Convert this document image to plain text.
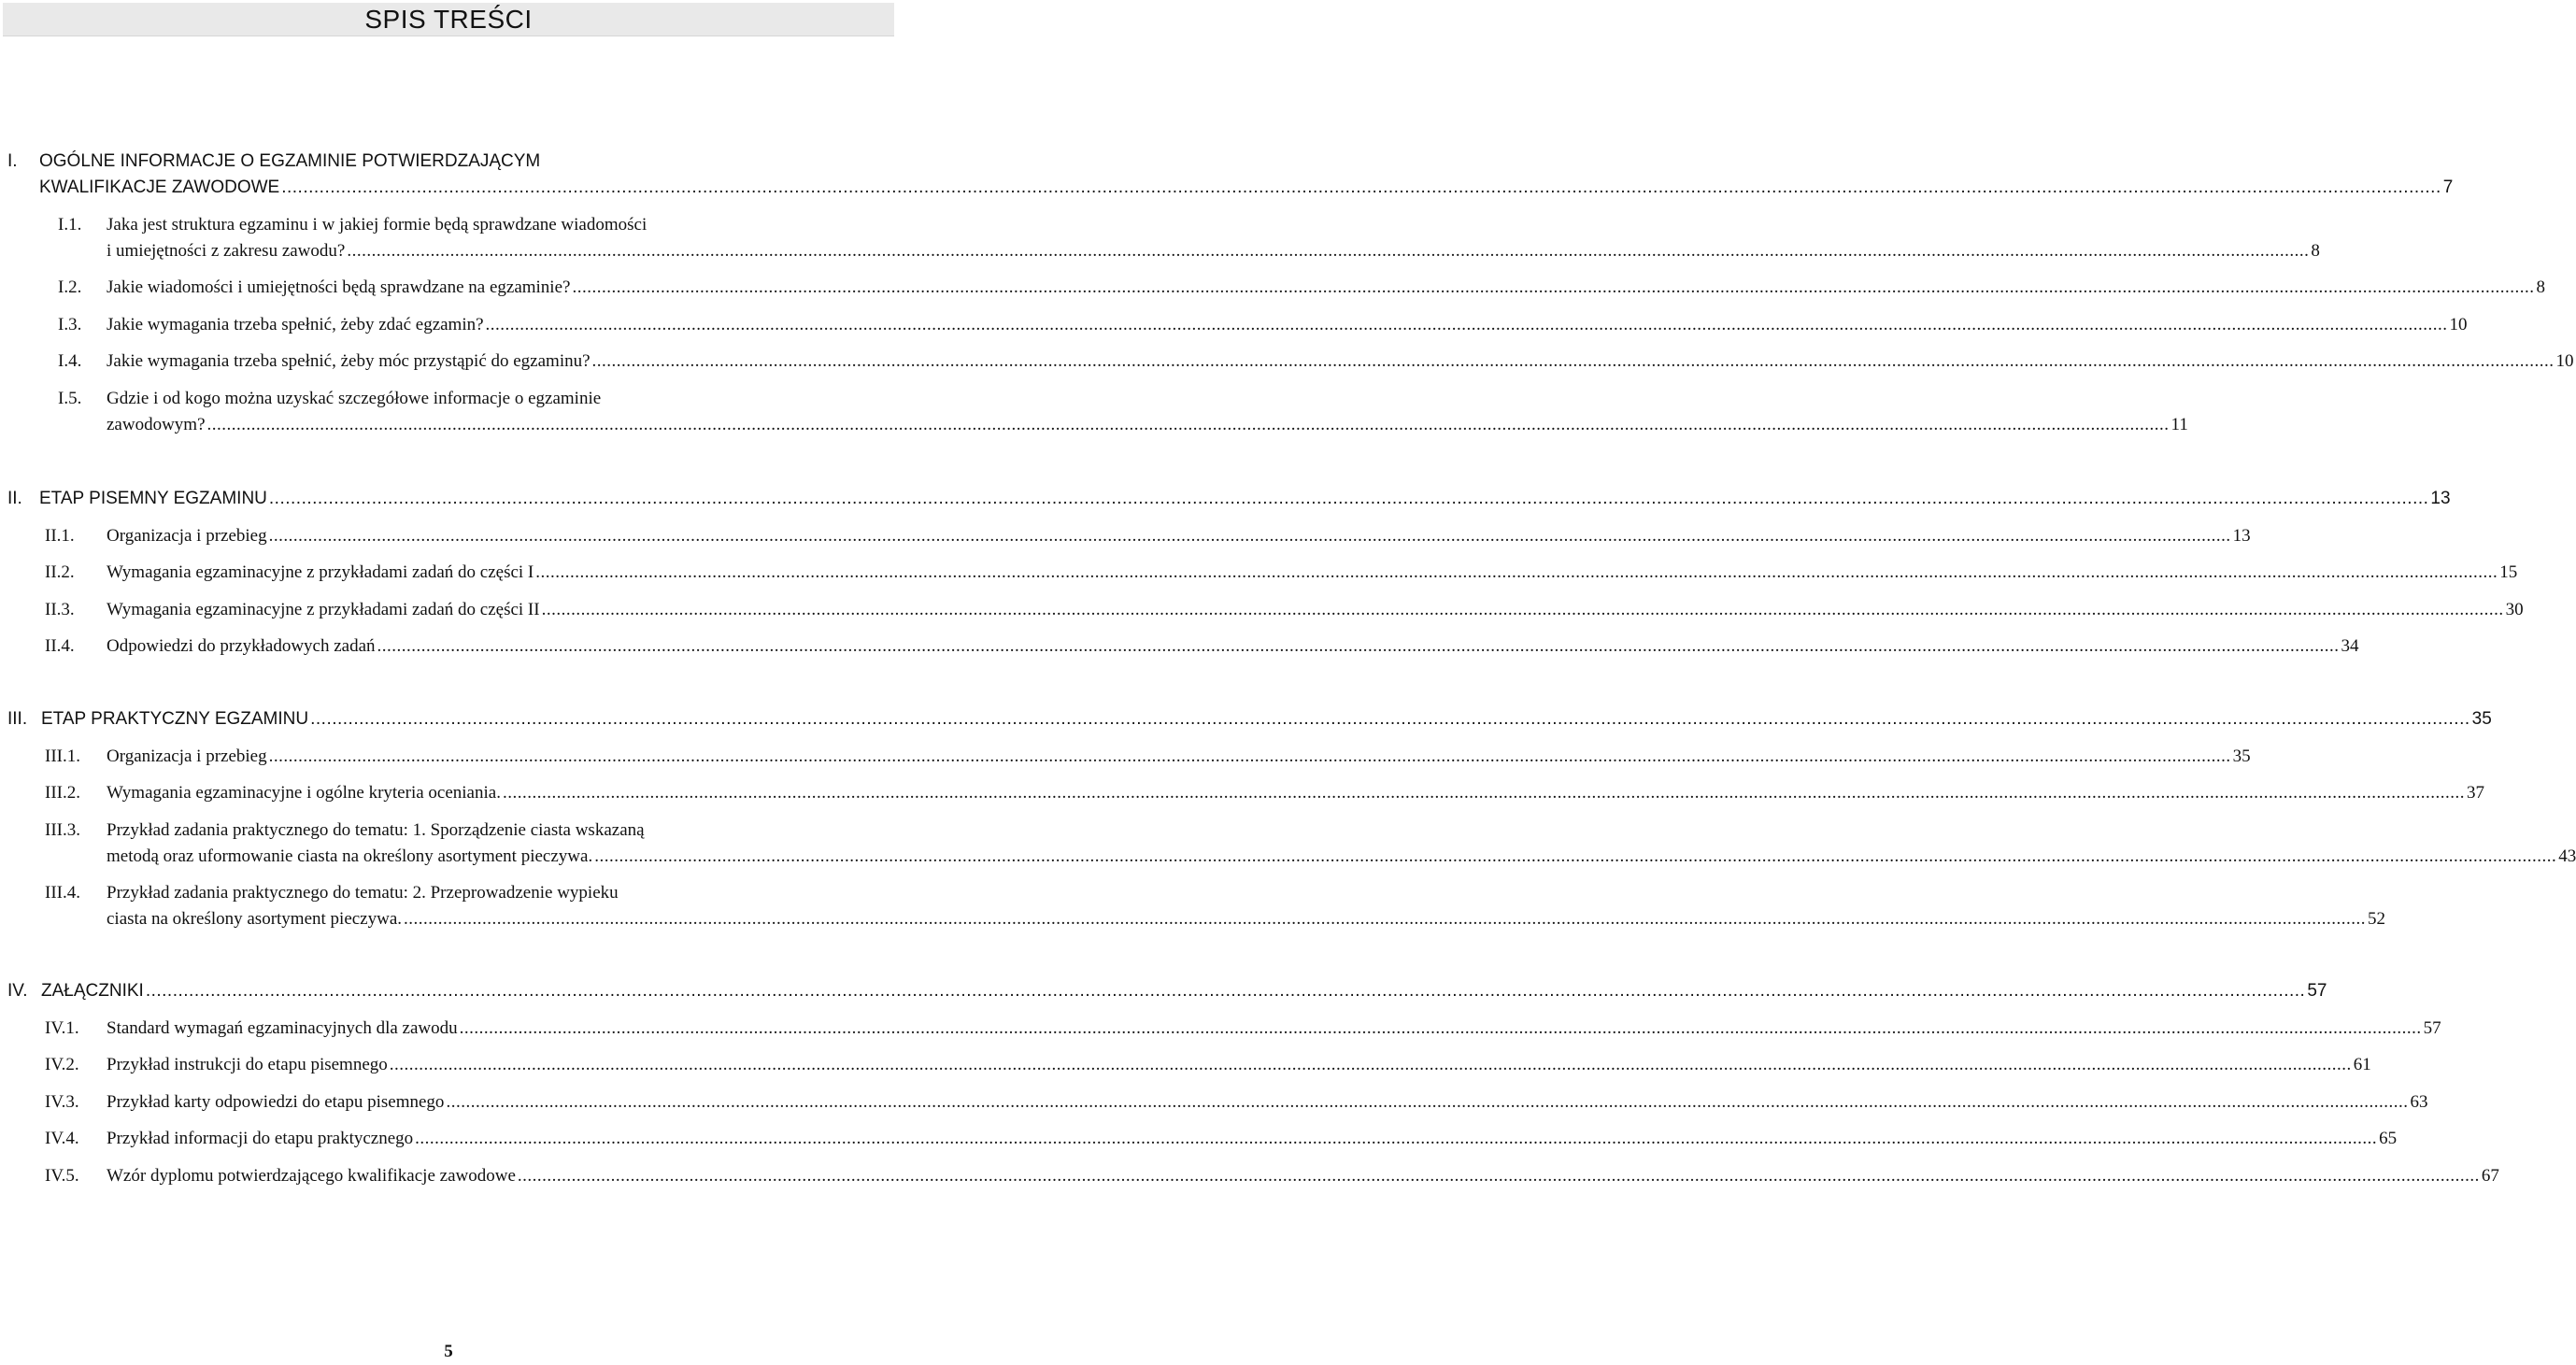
SPIS TREŚCI
I. OGÓLNE INFORMACJE O EGZAMINIE POTWIERDZAJĄCYM
KWALIFIKACJE ZAWODOWE ................................................................................................................................................................................................................................................................................................................................................................................................................ 7
I.1. Jaka jest struktura egzaminu i w jakiej formie będą sprawdzane wiadomości
i umiejętności z zakresu zawodu? ................................................................................................................................................................................................................................................................................................................................................................................................................ 8
I.2. Jakie wiadomości i umiejętności będą sprawdzane na egzaminie? ................................................................................................................................................................................................................................................................................................................................................................................................................ 8
I.3. Jakie wymagania trzeba spełnić, żeby zdać egzamin? ................................................................................................................................................................................................................................................................................................................................................................................................................ 10
I.4. Jakie wymagania trzeba spełnić, żeby móc przystąpić do egzaminu? ................................................................................................................................................................................................................................................................................................................................................................................................................ 10
I.5. Gdzie i od kogo można uzyskać szczegółowe informacje o egzaminie
zawodowym? ................................................................................................................................................................................................................................................................................................................................................................................................................ 11
II. ETAP PISEMNY EGZAMINU ................................................................................................................................................................................................................................................................................................................................................................................................................ 13
II.1. Organizacja i przebieg ................................................................................................................................................................................................................................................................................................................................................................................................................ 13
II.2. Wymagania egzaminacyjne z przykładami zadań do części I ................................................................................................................................................................................................................................................................................................................................................................................................................ 15
II.3. Wymagania egzaminacyjne z przykładami zadań do części II ................................................................................................................................................................................................................................................................................................................................................................................................................ 30
II.4. Odpowiedzi do przykładowych zadań ................................................................................................................................................................................................................................................................................................................................................................................................................ 34
III. ETAP PRAKTYCZNY EGZAMINU ................................................................................................................................................................................................................................................................................................................................................................................................................ 35
III.1. Organizacja i przebieg ................................................................................................................................................................................................................................................................................................................................................................................................................ 35
III.2. Wymagania egzaminacyjne i ogólne kryteria oceniania. ................................................................................................................................................................................................................................................................................................................................................................................................................ 37
III.3. Przykład zadania praktycznego do tematu: 1. Sporządzenie ciasta wskazaną
metodą oraz uformowanie ciasta na określony asortyment pieczywa. ................................................................................................................................................................................................................................................................................................................................................................................................................ 43
III.4. Przykład zadania praktycznego do tematu: 2. Przeprowadzenie wypieku
ciasta na określony asortyment pieczywa. ................................................................................................................................................................................................................................................................................................................................................................................................................ 52
IV. ZAŁĄCZNIKI ................................................................................................................................................................................................................................................................................................................................................................................................................ 57
IV.1. Standard wymagań egzaminacyjnych dla zawodu ................................................................................................................................................................................................................................................................................................................................................................................................................ 57
IV.2. Przykład instrukcji do etapu pisemnego ................................................................................................................................................................................................................................................................................................................................................................................................................ 61
IV.3. Przykład karty odpowiedzi do etapu pisemnego ................................................................................................................................................................................................................................................................................................................................................................................................................ 63
IV.4. Przykład informacji do etapu praktycznego ................................................................................................................................................................................................................................................................................................................................................................................................................ 65
IV.5. Wzór dyplomu potwierdzającego kwalifikacje zawodowe ................................................................................................................................................................................................................................................................................................................................................................................................................ 67
5
